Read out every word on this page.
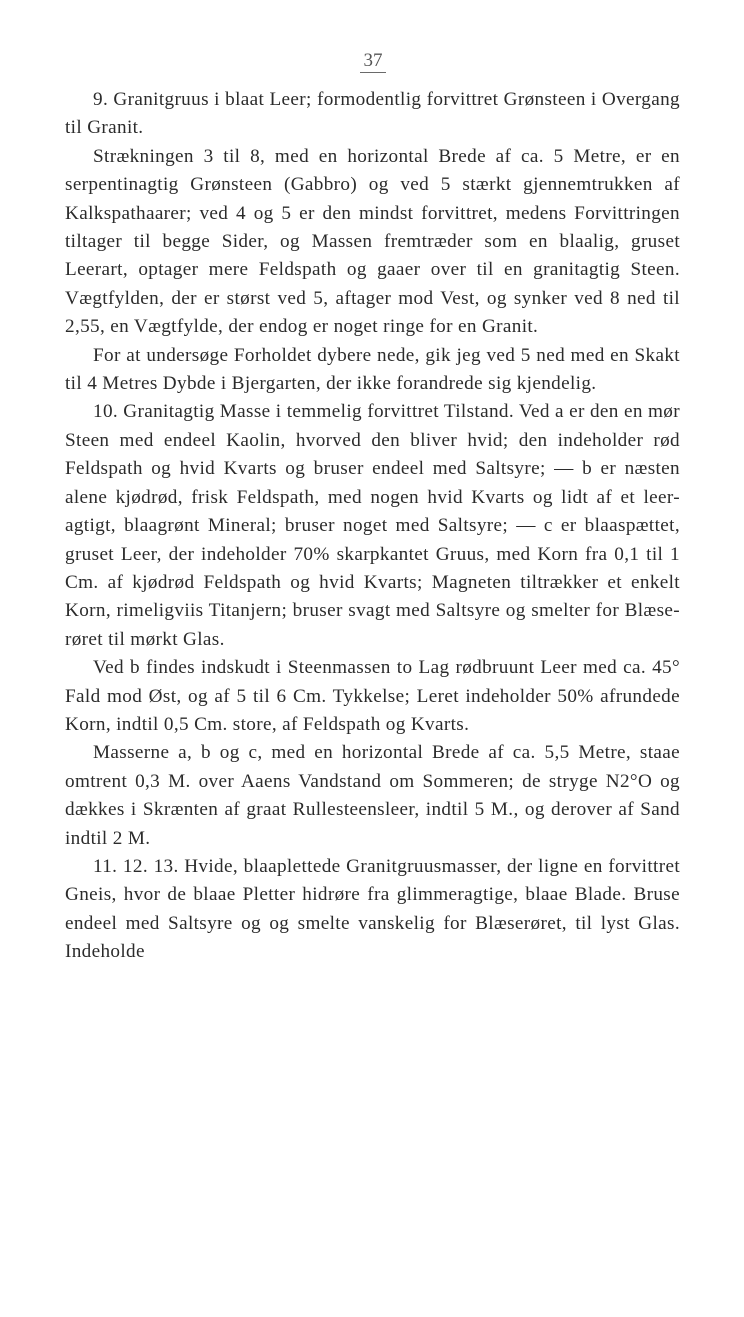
37

9. Granitgruus i blaat Leer; formodentlig forvittret Grønsteen i Overgang til Granit.

Strækningen 3 til 8, med en horizontal Brede af ca. 5 Metre, er en serpentinagtig Grønsteen (Gabbro) og ved 5 stærkt gjennemtrukken af Kalkspathaarer; ved 4 og 5 er den mindst forvittret, medens Forvittringen tiltager til begge Sider, og Massen fremtræder som en blaalig, gruset Leerart, optager mere Feldspath og gaaer over til en granitagtig Steen. Vægtfylden, der er størst ved 5, aftager mod Vest, og synker ved 8 ned til 2,55, en Vægtfylde, der endog er noget ringe for en Granit.

For at undersøge Forholdet dybere nede, gik jeg ved 5 ned med en Skakt til 4 Metres Dybde i Bjergarten, der ikke forandrede sig kjendelig.

10. Granitagtig Masse i temmelig forvittret Tilstand. Ved a er den en mør Steen med endeel Kaolin, hvorved den bliver hvid; den indeholder rød Feldspath og hvid Kvarts og bruser endeel med Saltsyre; — b er næsten alene kjødrød, frisk Feldspath, med nogen hvid Kvarts og lidt af et leer-agtigt, blaagrønt Mineral; bruser noget med Saltsyre; — c er blaaspættet, gruset Leer, der indeholder 70% skarpkantet Gruus, med Korn fra 0,1 til 1 Cm. af kjødrød Feldspath og hvid Kvarts; Magneten tiltrækker et enkelt Korn, rimeligviis Titanjern; bruser svagt med Saltsyre og smelter for Blæse-røret til mørkt Glas.

Ved b findes indskudt i Steenmassen to Lag rødbruunt Leer med ca. 45° Fald mod Øst, og af 5 til 6 Cm. Tykkelse; Leret indeholder 50% afrundede Korn, indtil 0,5 Cm. store, af Feldspath og Kvarts.

Masserne a, b og c, med en horizontal Brede af ca. 5,5 Metre, staae omtrent 0,3 M. over Aaens Vandstand om Sommeren; de stryge N2°O og dækkes i Skrænten af graat Rullesteensleer, indtil 5 M., og derover af Sand indtil 2 M.

11. 12. 13. Hvide, blaaplettede Granitgruusmasser, der ligne en forvittret Gneis, hvor de blaae Pletter hidrøre fra glimmeragtige, blaae Blade. Bruse endeel med Saltsyre og og smelte vanskelig for Blæserøret, til lyst Glas. Indeholde
